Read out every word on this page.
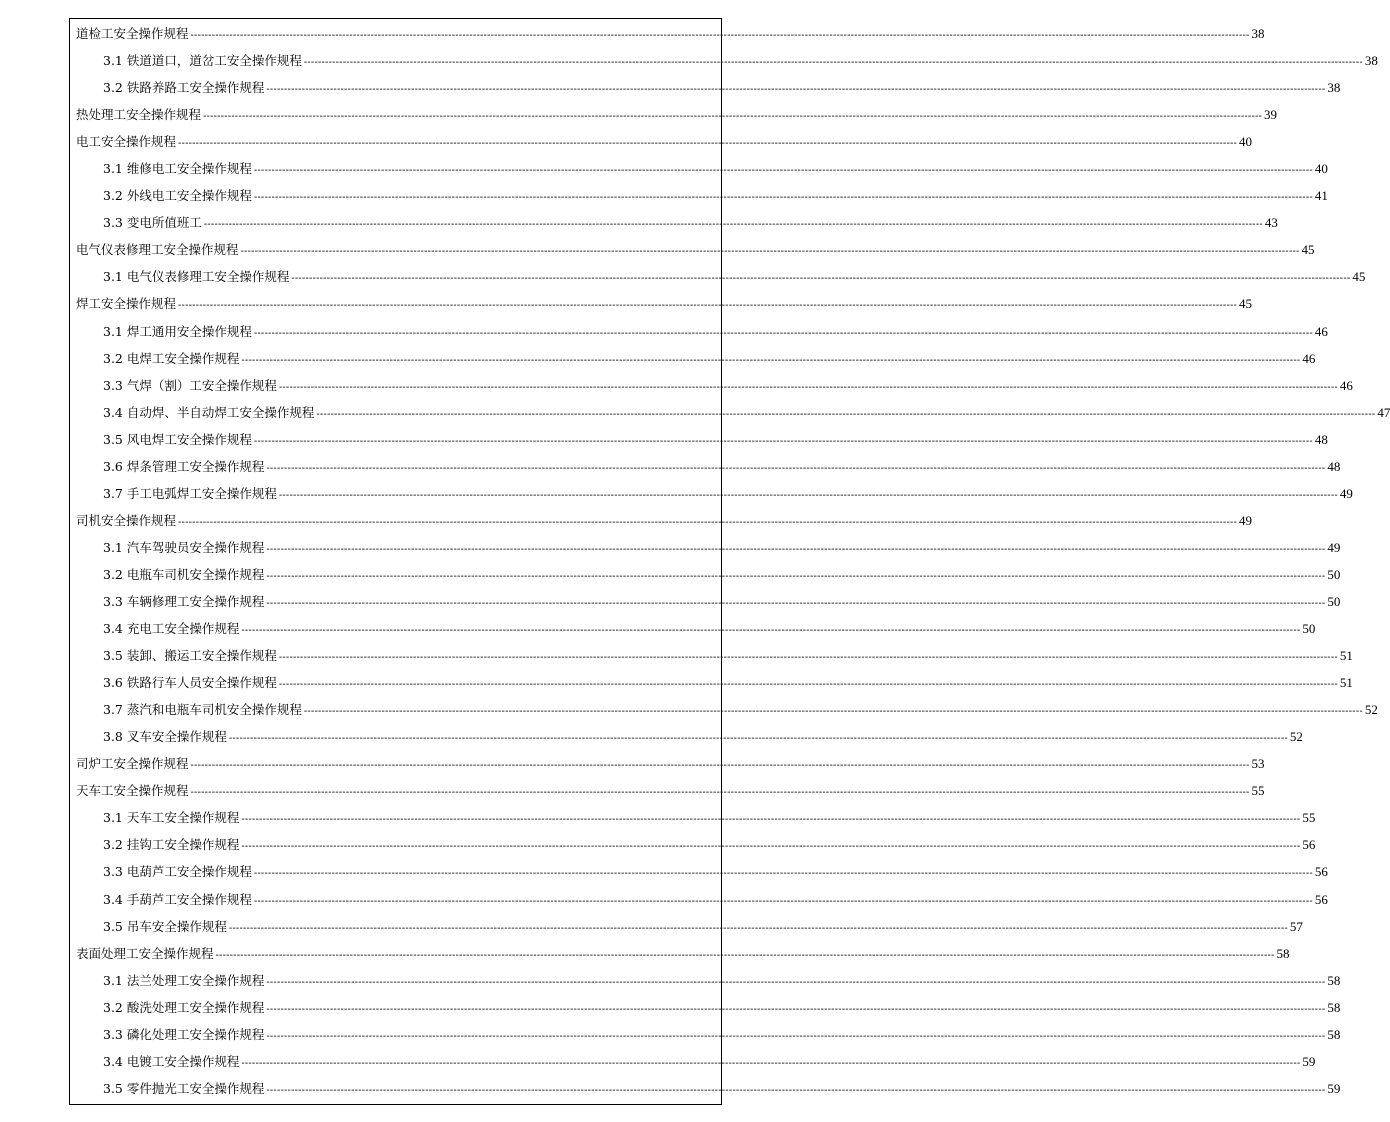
道检工安全操作规程 ------------------------------------------------------------------------------------------------------------------------------------------------------------------------------------------------------------------------------------------------------------------------------------------------------------ 38
3.1 铁道道口，道岔工安全操作规程 ------------------------------------------------------------------------------------------------------------------------------------------------------------------------------------------------------------------------------------------------------------------------------------------------------------ 38
3.2 铁路养路工安全操作规程 ------------------------------------------------------------------------------------------------------------------------------------------------------------------------------------------------------------------------------------------------------------------------------------------------------------ 38
热处理工安全操作规程 ------------------------------------------------------------------------------------------------------------------------------------------------------------------------------------------------------------------------------------------------------------------------------------------------------------ 39
电工安全操作规程 ------------------------------------------------------------------------------------------------------------------------------------------------------------------------------------------------------------------------------------------------------------------------------------------------------------ 40
3.1 维修电工安全操作规程 ------------------------------------------------------------------------------------------------------------------------------------------------------------------------------------------------------------------------------------------------------------------------------------------------------------ 40
3.2 外线电工安全操作规程 ------------------------------------------------------------------------------------------------------------------------------------------------------------------------------------------------------------------------------------------------------------------------------------------------------------ 41
3.3 变电所值班工 ------------------------------------------------------------------------------------------------------------------------------------------------------------------------------------------------------------------------------------------------------------------------------------------------------------ 43
电气仪表修理工安全操作规程 ------------------------------------------------------------------------------------------------------------------------------------------------------------------------------------------------------------------------------------------------------------------------------------------------------------ 45
3.1 电气仪表修理工安全操作规程 ------------------------------------------------------------------------------------------------------------------------------------------------------------------------------------------------------------------------------------------------------------------------------------------------------------ 45
焊工安全操作规程 ------------------------------------------------------------------------------------------------------------------------------------------------------------------------------------------------------------------------------------------------------------------------------------------------------------ 45
3.1 焊工通用安全操作规程 ------------------------------------------------------------------------------------------------------------------------------------------------------------------------------------------------------------------------------------------------------------------------------------------------------------ 46
3.2 电焊工安全操作规程 ------------------------------------------------------------------------------------------------------------------------------------------------------------------------------------------------------------------------------------------------------------------------------------------------------------ 46
3.3 气焊（割）工安全操作规程 ------------------------------------------------------------------------------------------------------------------------------------------------------------------------------------------------------------------------------------------------------------------------------------------------------------ 46
3.4 自动焊、半自动焊工安全操作规程 ------------------------------------------------------------------------------------------------------------------------------------------------------------------------------------------------------------------------------------------------------------------------------------------------------------ 47
3.5 风电焊工安全操作规程 ------------------------------------------------------------------------------------------------------------------------------------------------------------------------------------------------------------------------------------------------------------------------------------------------------------ 48
3.6 焊条管理工安全操作规程 ------------------------------------------------------------------------------------------------------------------------------------------------------------------------------------------------------------------------------------------------------------------------------------------------------------ 48
3.7 手工电弧焊工安全操作规程 ------------------------------------------------------------------------------------------------------------------------------------------------------------------------------------------------------------------------------------------------------------------------------------------------------------ 49
司机安全操作规程 ------------------------------------------------------------------------------------------------------------------------------------------------------------------------------------------------------------------------------------------------------------------------------------------------------------ 49
3.1 汽车驾驶员安全操作规程 ------------------------------------------------------------------------------------------------------------------------------------------------------------------------------------------------------------------------------------------------------------------------------------------------------------ 49
3.2 电瓶车司机安全操作规程 ------------------------------------------------------------------------------------------------------------------------------------------------------------------------------------------------------------------------------------------------------------------------------------------------------------ 50
3.3 车辆修理工安全操作规程 ------------------------------------------------------------------------------------------------------------------------------------------------------------------------------------------------------------------------------------------------------------------------------------------------------------ 50
3.4 充电工安全操作规程 ------------------------------------------------------------------------------------------------------------------------------------------------------------------------------------------------------------------------------------------------------------------------------------------------------------ 50
3.5 装卸、搬运工安全操作规程 ------------------------------------------------------------------------------------------------------------------------------------------------------------------------------------------------------------------------------------------------------------------------------------------------------------ 51
3.6 铁路行车人员安全操作规程 ------------------------------------------------------------------------------------------------------------------------------------------------------------------------------------------------------------------------------------------------------------------------------------------------------------ 51
3.7 蒸汽和电瓶车司机安全操作规程 ------------------------------------------------------------------------------------------------------------------------------------------------------------------------------------------------------------------------------------------------------------------------------------------------------------ 52
3.8 叉车安全操作规程 ------------------------------------------------------------------------------------------------------------------------------------------------------------------------------------------------------------------------------------------------------------------------------------------------------------ 52
司炉工安全操作规程 ------------------------------------------------------------------------------------------------------------------------------------------------------------------------------------------------------------------------------------------------------------------------------------------------------------ 53
天车工安全操作规程 ------------------------------------------------------------------------------------------------------------------------------------------------------------------------------------------------------------------------------------------------------------------------------------------------------------ 55
3.1 天车工安全操作规程 ------------------------------------------------------------------------------------------------------------------------------------------------------------------------------------------------------------------------------------------------------------------------------------------------------------ 55
3.2 挂钩工安全操作规程 ------------------------------------------------------------------------------------------------------------------------------------------------------------------------------------------------------------------------------------------------------------------------------------------------------------ 56
3.3 电葫芦工安全操作规程 ------------------------------------------------------------------------------------------------------------------------------------------------------------------------------------------------------------------------------------------------------------------------------------------------------------ 56
3.4 手葫芦工安全操作规程 ------------------------------------------------------------------------------------------------------------------------------------------------------------------------------------------------------------------------------------------------------------------------------------------------------------ 56
3.5 吊车安全操作规程 ------------------------------------------------------------------------------------------------------------------------------------------------------------------------------------------------------------------------------------------------------------------------------------------------------------ 57
表面处理工安全操作规程 ------------------------------------------------------------------------------------------------------------------------------------------------------------------------------------------------------------------------------------------------------------------------------------------------------------ 58
3.1 法兰处理工安全操作规程 ------------------------------------------------------------------------------------------------------------------------------------------------------------------------------------------------------------------------------------------------------------------------------------------------------------ 58
3.2 酸洗处理工安全操作规程 ------------------------------------------------------------------------------------------------------------------------------------------------------------------------------------------------------------------------------------------------------------------------------------------------------------ 58
3.3 磷化处理工安全操作规程 ------------------------------------------------------------------------------------------------------------------------------------------------------------------------------------------------------------------------------------------------------------------------------------------------------------ 58
3.4 电镀工安全操作规程 ------------------------------------------------------------------------------------------------------------------------------------------------------------------------------------------------------------------------------------------------------------------------------------------------------------ 59
3.5 零件抛光工安全操作规程 ------------------------------------------------------------------------------------------------------------------------------------------------------------------------------------------------------------------------------------------------------------------------------------------------------------ 59
